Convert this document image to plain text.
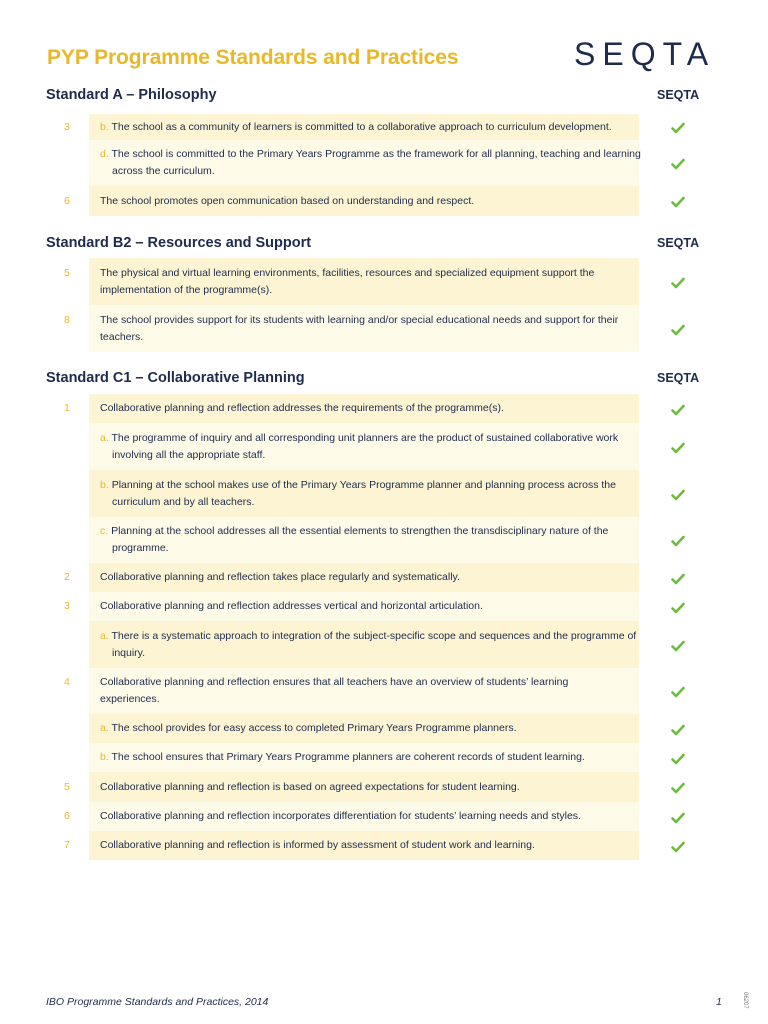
PYP Programme Standards and Practices	SEQTA
Standard A – Philosophy	SEQTA
3	b. The school as a community of learners is committed to a collaborative approach to curriculum development.
d. The school is committed to the Primary Years Programme as the framework for all planning, teaching and learning across the curriculum.
6	The school promotes open communication based on understanding and respect.
Standard B2 – Resources and Support	SEQTA
5	The physical and virtual learning environments, facilities, resources and specialized equipment support the implementation of the programme(s).
8	The school provides support for its students with learning and/or special educational needs and support for their teachers.
Standard C1 – Collaborative Planning	SEQTA
1	Collaborative planning and reflection addresses the requirements of the programme(s).
a. The programme of inquiry and all corresponding unit planners are the product of sustained collaborative work involving all the appropriate staff.
b. Planning at the school makes use of the Primary Years Programme planner and planning process across the curriculum and by all teachers.
c. Planning at the school addresses all the essential elements to strengthen the transdisciplinary nature of the programme.
2	Collaborative planning and reflection takes place regularly and systematically.
3	Collaborative planning and reflection addresses vertical and horizontal articulation.
a. There is a systematic approach to integration of the subject-specific scope and sequences and the programme of inquiry.
4	Collaborative planning and reflection ensures that all teachers have an overview of students’ learning experiences.
a. The school provides for easy access to completed Primary Years Programme planners.
b. The school ensures that Primary Years Programme planners are coherent records of student learning.
5	Collaborative planning and reflection is based on agreed expectations for student learning.
6	Collaborative planning and reflection incorporates differentiation for students’ learning needs and styles.
7	Collaborative planning and reflection is informed by assessment of student work and learning.
IBO Programme Standards and Practices, 2014	1	06207
